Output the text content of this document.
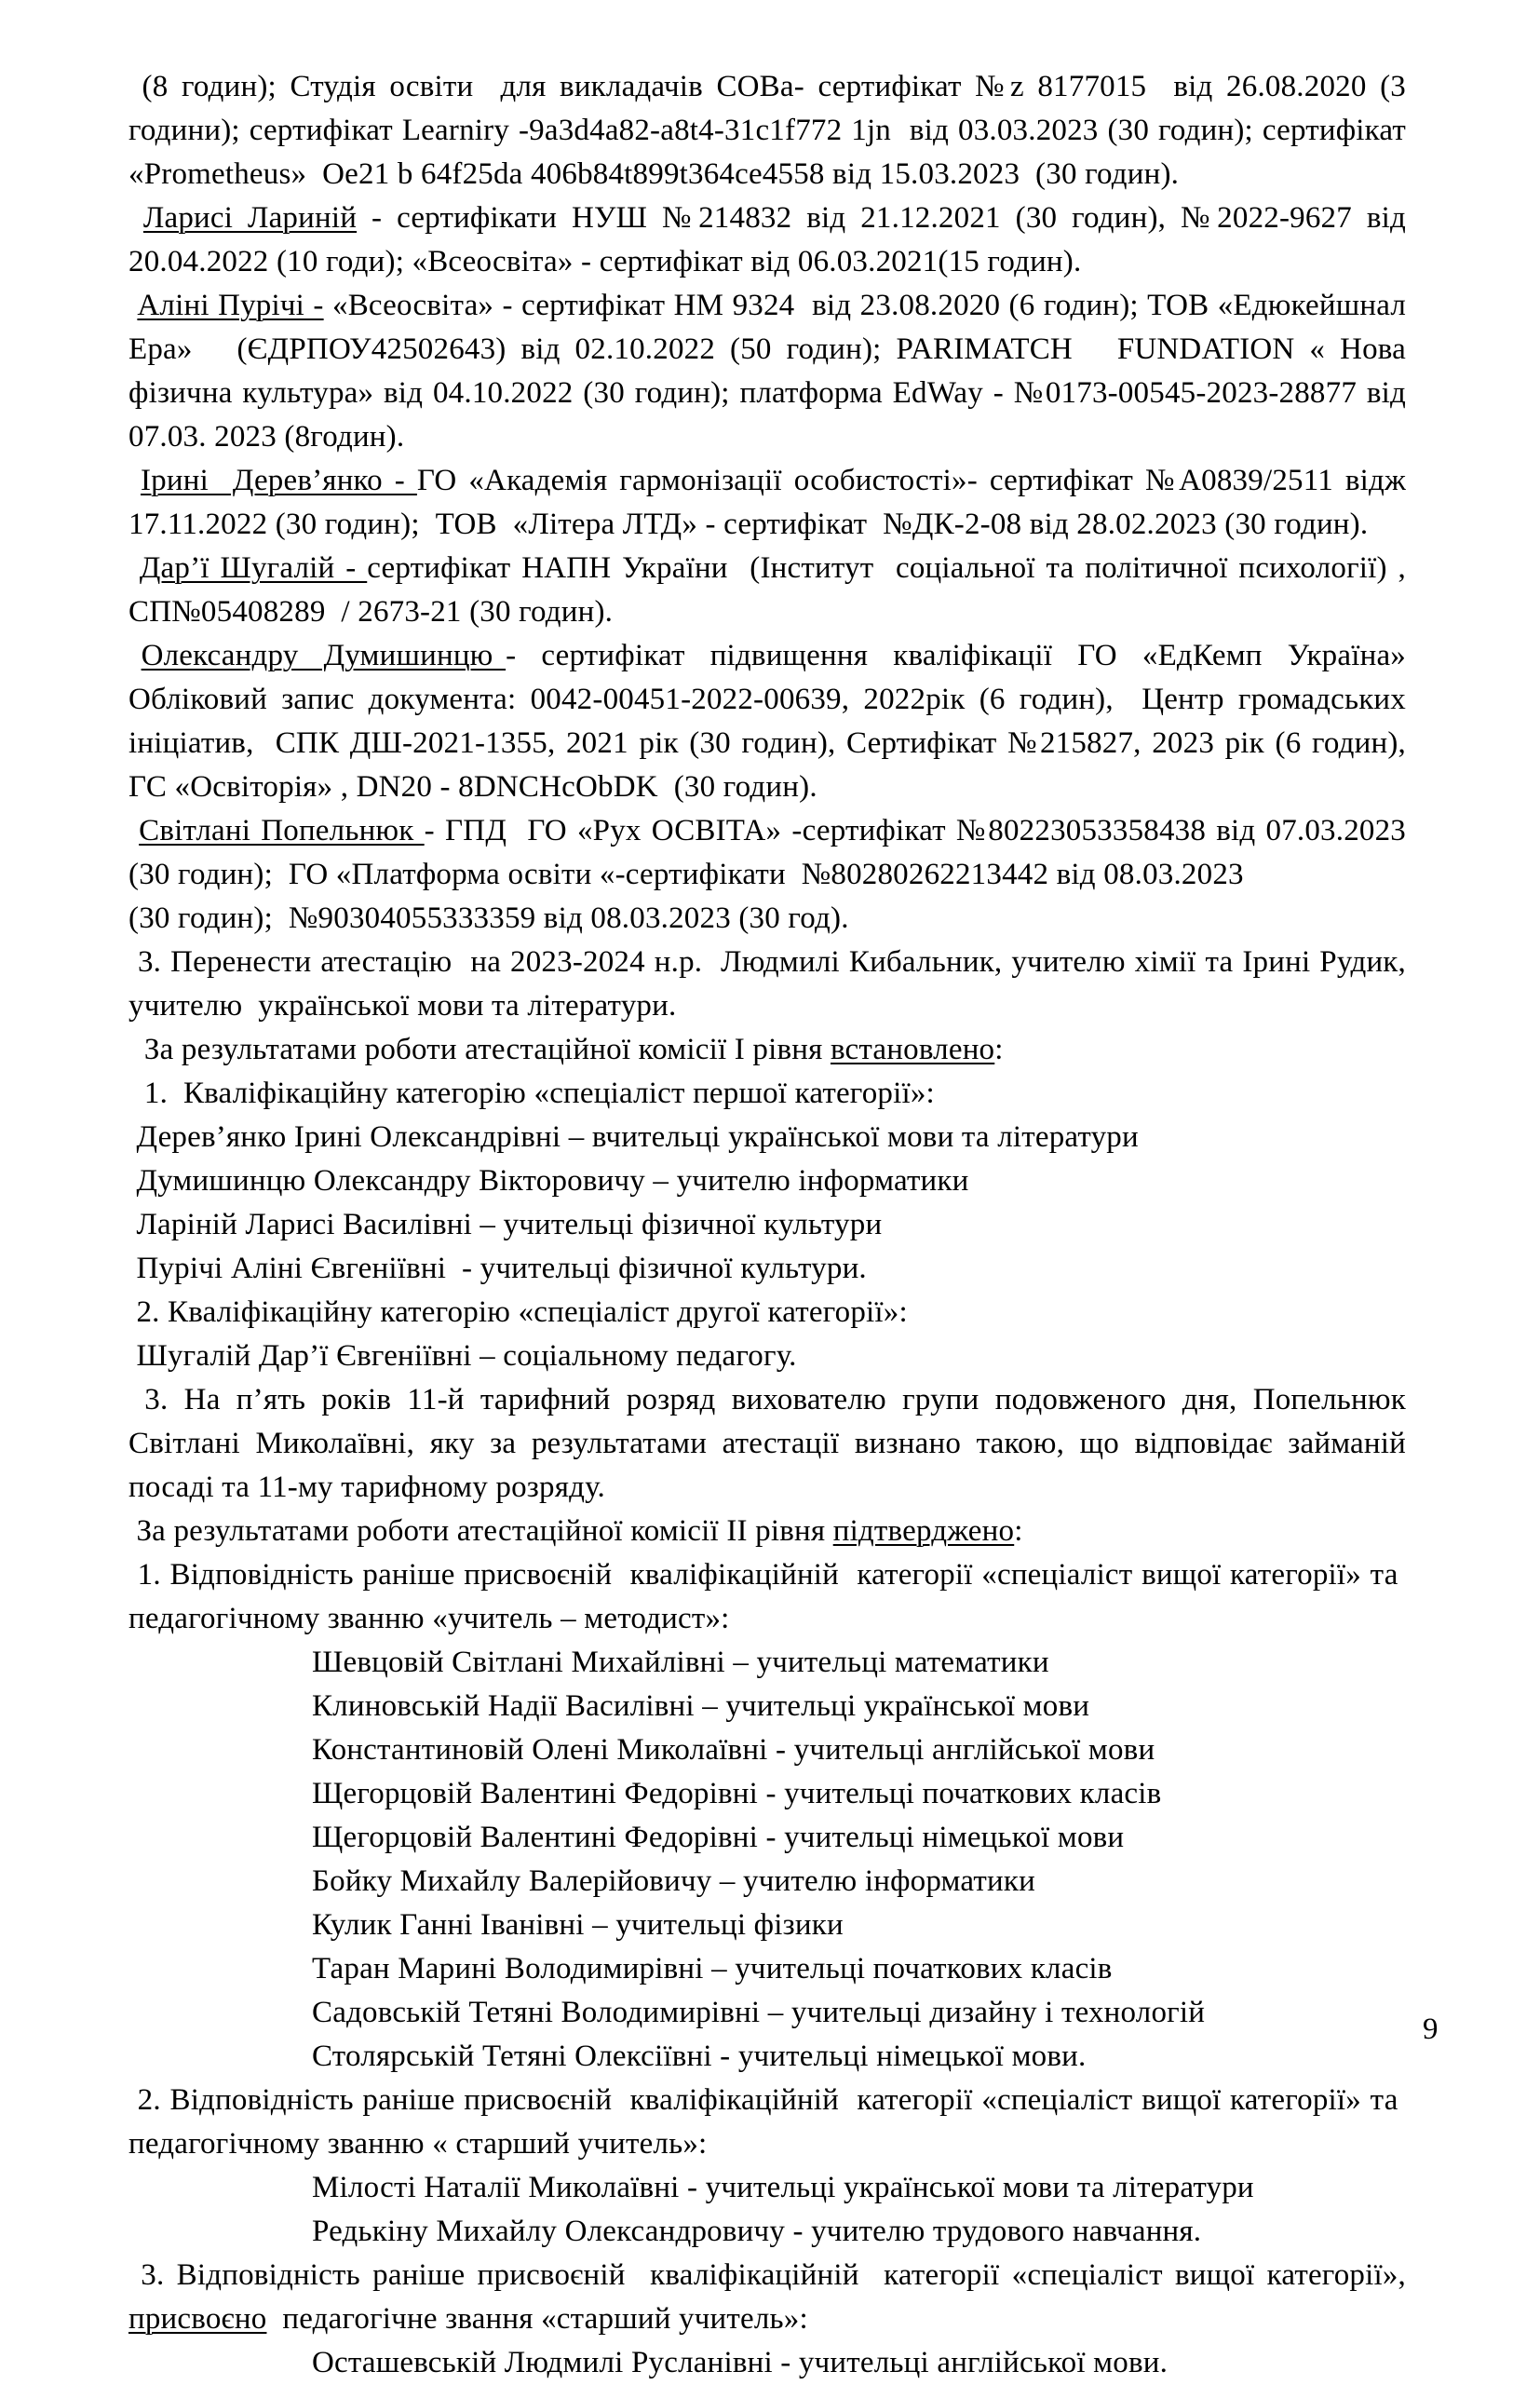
(8 годин); Студія освіти  для викладачів СОВа- сертифікат №z 8177015  від 26.08.2020 (3 години); сертифікат Learniry -9a3d4a82-a8t4-31c1f772 1jn  від 03.03.2023 (30 годин); сертифікат «Prometheus»  Oe21 b 64f25da 406b84t899t364ce4558 від 15.03.2023  (30 годин).

Ларисі Лариній - сертифікати НУШ №214832 від 21.12.2021 (30 годин), №2022-9627 від 20.04.2022 (10 годи); «Всеосвіта» - сертифікат від 06.03.2021(15 годин).

Аліні Пурічі - «Всеосвіта» - сертифікат НМ 9324  від 23.08.2020 (6 годин); ТОВ «Едюкейшнал Ера»   (ЄДРПОУ42502643) від 02.10.2022 (50 годин); PARIMATCH   FUNDATION « Нова фізична культура» від 04.10.2022 (30 годин); платформа EdWay - №0173-00545-2023-28877 від 07.03. 2023 (8годин).

Ірині  Дерев’янко - ГО «Академія гармонізації особистості»- сертифікат №А0839/2511 відж 17.11.2022 (30 годин);  ТОВ  «Літера ЛТД» - сертифікат  №ДК-2-08 від 28.02.2023 (30 годин).

Дар’ї Шугалій - сертифікат НАПН України  (Інститут  соціальної та політичної психології) , СП№05408289  / 2673-21 (30 годин).

Олександру  Думишинцю -  сертифікат  підвищення  кваліфікації  ГО  «ЕдКемп  Україна» Обліковий запис документа: 0042-00451-2022-00639, 2022рік (6 годин),  Центр громадських ініціатив,  СПК ДШ-2021-1355, 2021 рік (30 годин), Сертифікат №215827, 2023 рік (6 годин), ГС «Освіторія» , DN20 - 8DNCHcObDK  (30 годин).

Світлані Попельнюк - ГПД  ГО «Рух ОСВІТА» -сертифікат №80223053358438 від 07.03.2023 (30 годин);  ГО «Платформа освіти «-сертифікати  №80280262213442 від 08.03.2023

(30 годин);  №90304055333359 від 08.03.2023 (30 год).

3. Перенести атестацію  на 2023-2024 н.р.  Людмилі Кибальник, учителю хімії та Ірині Рудик, учителю  української мови та літератури.

За результатами роботи атестаційної комісії І рівня встановлено:

1.  Кваліфікаційну категорію «спеціаліст першої категорії»:

Дерев’янко Ірині Олександрівні – вчительці української мови та літератури

Думишинцю Олександру Вікторовичу – учителю інформатики

Ларіній Ларисі Василівні – учительці фізичної культури

Пурічі Аліні Євгеніївні  - учительці фізичної культури.

2. Кваліфікаційну категорію «спеціаліст другої категорії»:

Шугалій Дар’ї Євгеніївні – соціальному педагогу.

3. На п’ять років 11-й тарифний розряд вихователю групи подовженого дня, Попельнюк Світлані Миколаївні, яку за результатами атестації визнано такою, що відповідає займаній посаді та 11-му тарифному розряду.

За результатами роботи атестаційної комісії ІІ рівня підтверджено:

1. Відповідність раніше присвоєній  кваліфікаційній  категорії «спеціаліст вищої категорії» та  педагогічному званню «учитель – методист»:

Шевцовій Світлані Михайлівні – учительці математики

Клиновській Надії Василівні – учительці української мови

Константиновій Олені Миколаївні - учительці англійської мови

Щегорцовій Валентині Федорівні - учительці початкових класів

Щегорцовій Валентині Федорівні - учительці німецької мови

Бойку Михайлу Валерійовичу – учителю інформатики

Кулик Ганні Іванівні – учительці фізики

Таран Марині Володимирівні – учительці початкових класів

Садовській Тетяні Володимирівні – учительці дизайну і технологій

Столярській Тетяні Олексіївні - учительці німецької мови.

2. Відповідність раніше присвоєній  кваліфікаційній  категорії «спеціаліст вищої категорії» та  педагогічному званню « старший учитель»:

Мілості Наталії Миколаївні - учительці української мови та літератури

Редькіну Михайлу Олександровичу - учителю трудового навчання.

3. Відповідність раніше присвоєній  кваліфікаційній  категорії «спеціаліст вищої категорії», присвоєно  педагогічне звання «старший учитель»:

Осташевській Людмилі Русланівні - учительці англійської мови.

9
